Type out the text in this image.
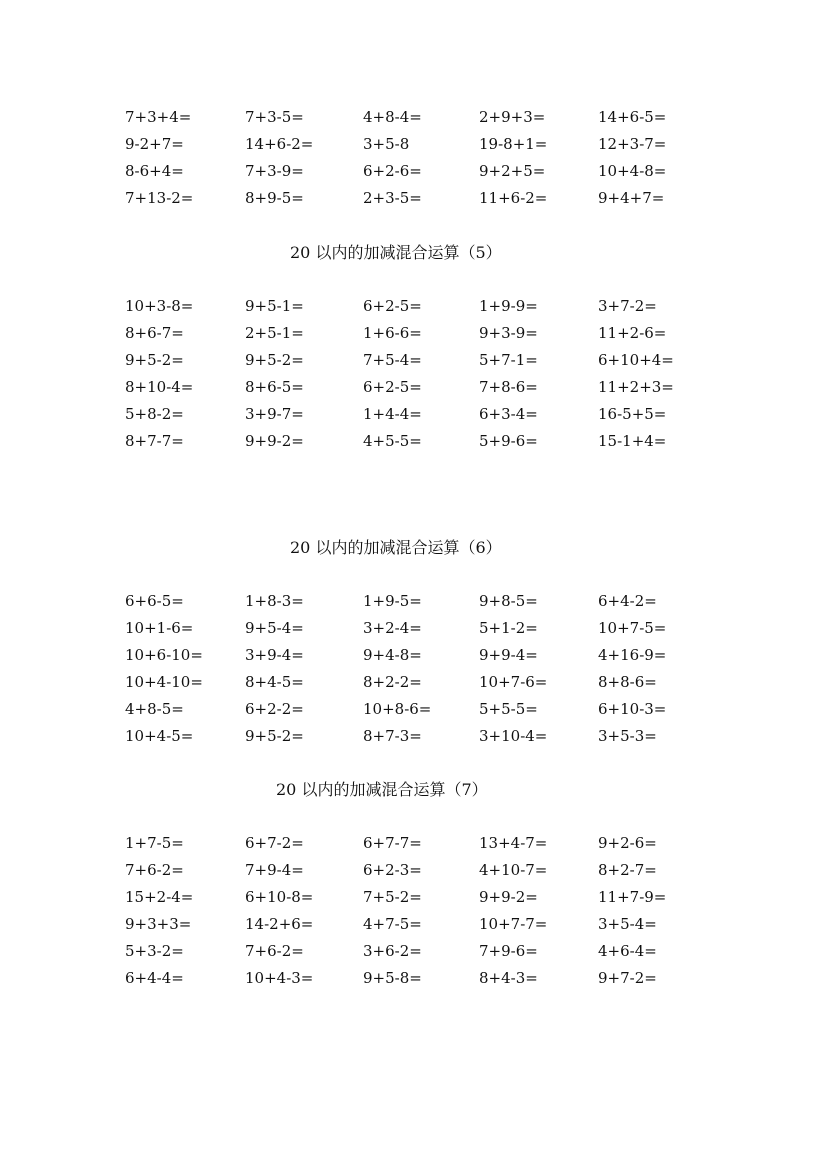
7+3+4=	7+3-5=	4+8-4=	2+9+3=	14+6-5=
9-2+7=	14+6-2=	3+5-8	19-8+1=	12+3-7=
8-6+4=	7+3-9=	6+2-6=	9+2+5=	10+4-8=
7+13-2=	8+9-5=	2+3-5=	11+6-2=	9+4+7=
20 以内的加减混合运算（5）
10+3-8=	9+5-1=	6+2-5=	1+9-9=	3+7-2=
8+6-7=	2+5-1=	1+6-6=	9+3-9=	11+2-6=
9+5-2=	9+5-2=	7+5-4=	5+7-1=	6+10+4=
8+10-4=	8+6-5=	6+2-5=	7+8-6=	11+2+3=
5+8-2=	3+9-7=	1+4-4=	6+3-4=	16-5+5=
8+7-7=	9+9-2=	4+5-5=	5+9-6=	15-1+4=
20 以内的加减混合运算（6）
6+6-5=	1+8-3=	1+9-5=	9+8-5=	6+4-2=
10+1-6=	9+5-4=	3+2-4=	5+1-2=	10+7-5=
10+6-10=	3+9-4=	9+4-8=	9+9-4=	4+16-9=
10+4-10=	8+4-5=	8+2-2=	10+7-6=	8+8-6=
4+8-5=	6+2-2=	10+8-6=	5+5-5=	6+10-3=
10+4-5=	9+5-2=	8+7-3=	3+10-4=	3+5-3=
20 以内的加减混合运算（7）
1+7-5=	6+7-2=	6+7-7=	13+4-7=	9+2-6=
7+6-2=	7+9-4=	6+2-3=	4+10-7=	8+2-7=
15+2-4=	6+10-8=	7+5-2=	9+9-2=	11+7-9=
9+3+3=	14-2+6=	4+7-5=	10+7-7=	3+5-4=
5+3-2=	7+6-2=	3+6-2=	7+9-6=	4+6-4=
6+4-4=	10+4-3=	9+5-8=	8+4-3=	9+7-2=
